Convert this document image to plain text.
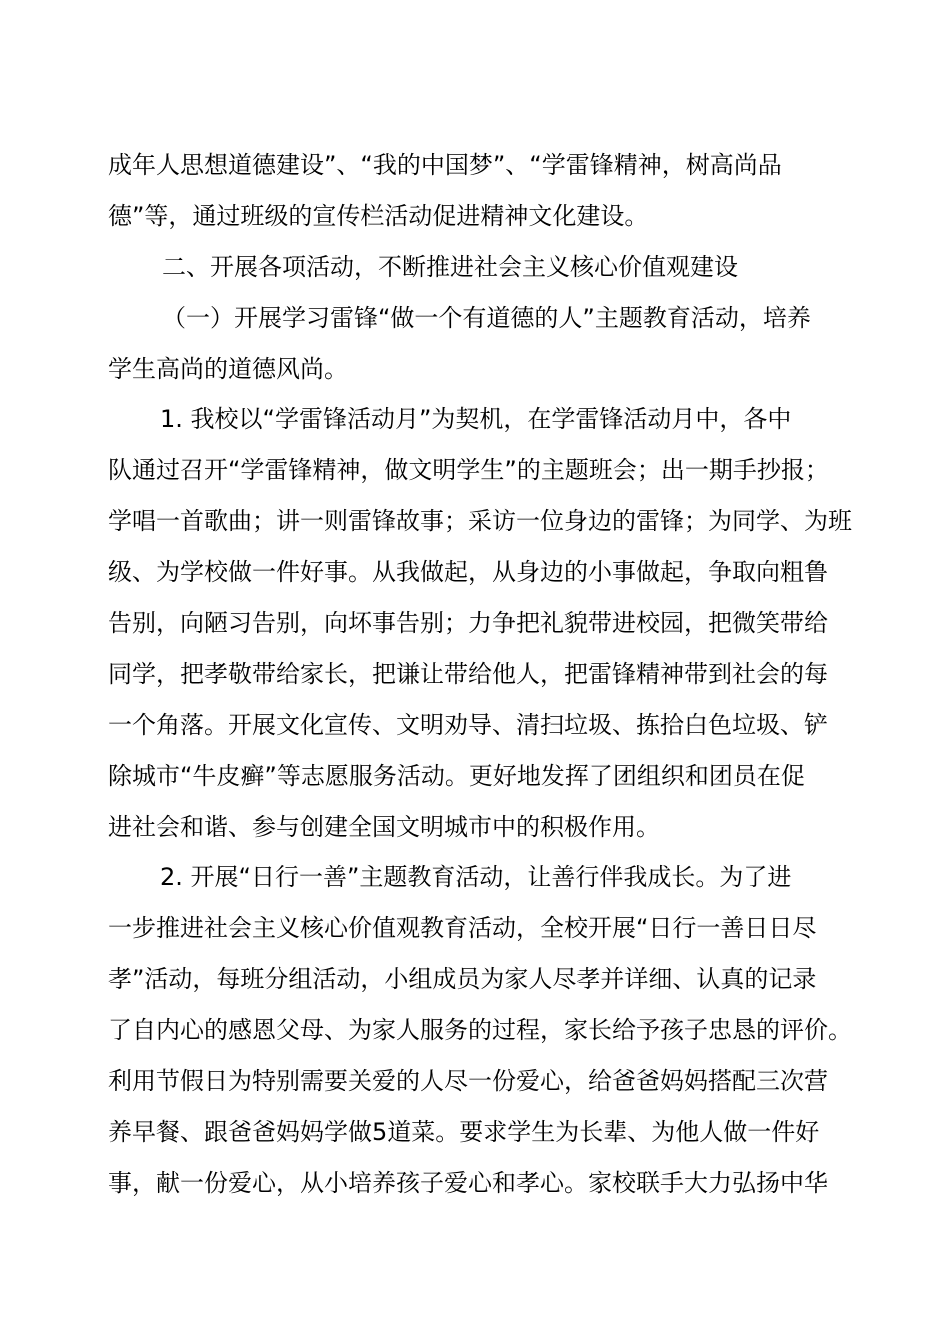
成年人思想道德建设”、“我的中国梦”、“学雷锋精神，树高尚品
德”等，通过班级的宣传栏活动促进精神文化建设。
二、开展各项活动，不断推进社会主义核心价值观建设
（一）开展学习雷锋“做一个有道德的人”主题教育活动，培养
学生高尚的道德风尚。
1. 我校以“学雷锋活动月”为契机，在学雷锋活动月中，各中
队通过召开“学雷锋精神，做文明学生”的主题班会；出一期手抄报；
学唱一首歌曲；讲一则雷锋故事；采访一位身边的雷锋；为同学、为班
级、为学校做一件好事。从我做起，从身边的小事做起，争取向粗鲁
告别，向陋习告别，向坏事告别；力争把礼貌带进校园，把微笑带给
同学，把孝敬带给家长，把谦让带给他人，把雷锋精神带到社会的每
一个角落。开展文化宣传、文明劝导、清扫垃圾、拣拾白色垃圾、铲
除城市“牛皮癣”等志愿服务活动。更好地发挥了团组织和团员在促
进社会和谐、参与创建全国文明城市中的积极作用。
2. 开展“日行一善”主题教育活动，让善行伴我成长。为了进
一步推进社会主义核心价值观教育活动，全校开展“日行一善日日尽
孝”活动，每班分组活动，小组成员为家人尽孝并详细、认真的记录
了自内心的感恩父母、为家人服务的过程，家长给予孩子忠恳的评价。
利用节假日为特别需要关爱的人尽一份爱心，给爸爸妈妈搭配三次营
养早餐、跟爸爸妈妈学做5道菜。要求学生为长辈、为他人做一件好
事，献一份爱心，从小培养孩子爱心和孝心。家校联手大力弘扬中华
